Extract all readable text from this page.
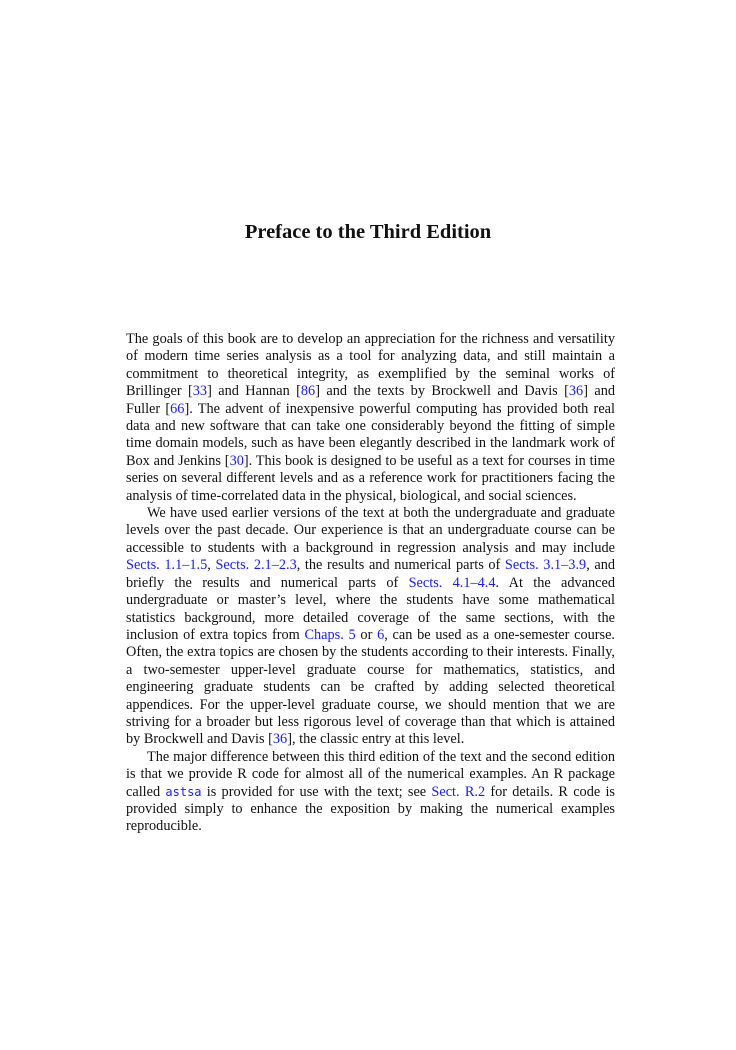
Preface to the Third Edition

The goals of this book are to develop an appreciation for the richness and versatility of modern time series analysis as a tool for analyzing data, and still maintain a commitment to theoretical integrity, as exemplified by the seminal works of Brillinger [33] and Hannan [86] and the texts by Brockwell and Davis [36] and Fuller [66]. The advent of inexpensive powerful computing has provided both real data and new software that can take one considerably beyond the fitting of simple time domain models, such as have been elegantly described in the landmark work of Box and Jenkins [30]. This book is designed to be useful as a text for courses in time series on several different levels and as a reference work for practitioners facing the analysis of time-correlated data in the physical, biological, and social sciences.

We have used earlier versions of the text at both the undergraduate and graduate levels over the past decade. Our experience is that an undergraduate course can be accessible to students with a background in regression analysis and may include Sects. 1.1–1.5, Sects. 2.1–2.3, the results and numerical parts of Sects. 3.1–3.9, and briefly the results and numerical parts of Sects. 4.1–4.4. At the advanced undergraduate or master’s level, where the students have some mathematical statistics background, more detailed coverage of the same sections, with the inclusion of extra topics from Chaps. 5 or 6, can be used as a one-semester course. Often, the extra topics are chosen by the students according to their interests. Finally, a two-semester upper-level graduate course for mathematics, statistics, and engineering graduate students can be crafted by adding selected theoretical appendices. For the upper-level graduate course, we should mention that we are striving for a broader but less rigorous level of coverage than that which is attained by Brockwell and Davis [36], the classic entry at this level.

The major difference between this third edition of the text and the second edition is that we provide R code for almost all of the numerical examples. An R package called astsa is provided for use with the text; see Sect. R.2 for details. R code is provided simply to enhance the exposition by making the numerical examples reproducible.
